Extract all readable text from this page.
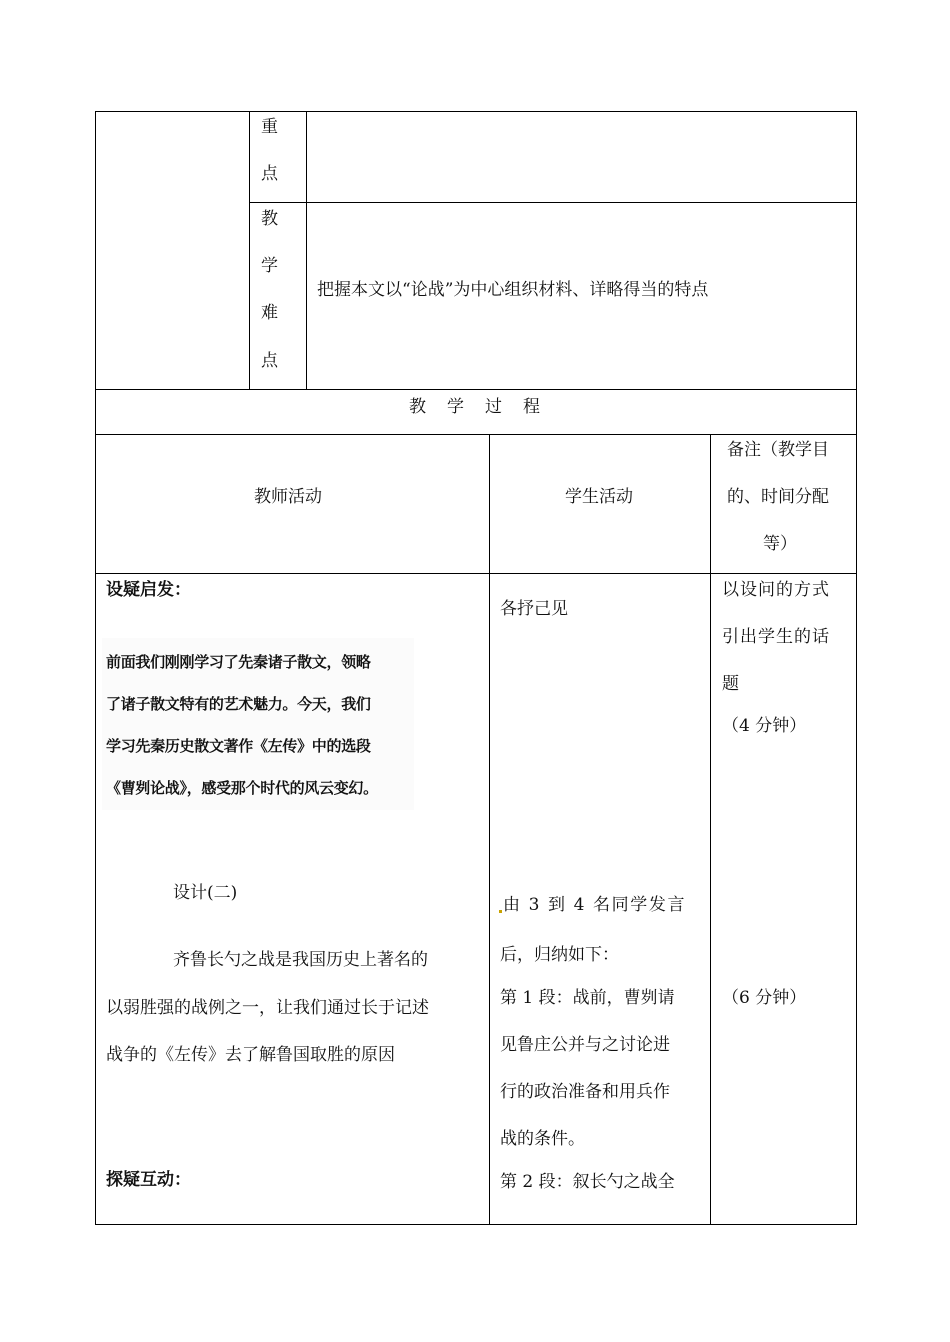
重
点
教
学
难
点
把握本文以“论战”为中心组织材料、详略得当的特点
教　学　过　程
教师活动	学生活动
备注（教学目
的、时间分配
等）
设疑启发：
前面我们刚刚学习了先秦诸子散文，领略
了诸子散文特有的艺术魅力。今天，我们
学习先秦历史散文著作《左传》中的选段
《曹刿论战》，感受那个时代的风云变幻。
设计(二)
齐鲁长勺之战是我国历史上著名的
以弱胜强的战例之一，让我们通过长于记述
战争的《左传》去了解鲁国取胜的原因
探疑互动：
各抒己见
由 3 到 4 名同学发言
后，归纳如下：
第 1 段：战前，曹刿请
见鲁庄公并与之讨论进
行的政治准备和用兵作
战的条件。
第 2 段：叙长勺之战全
以设问的方式
引出学生的话
题
（4 分钟）
（6 分钟）
